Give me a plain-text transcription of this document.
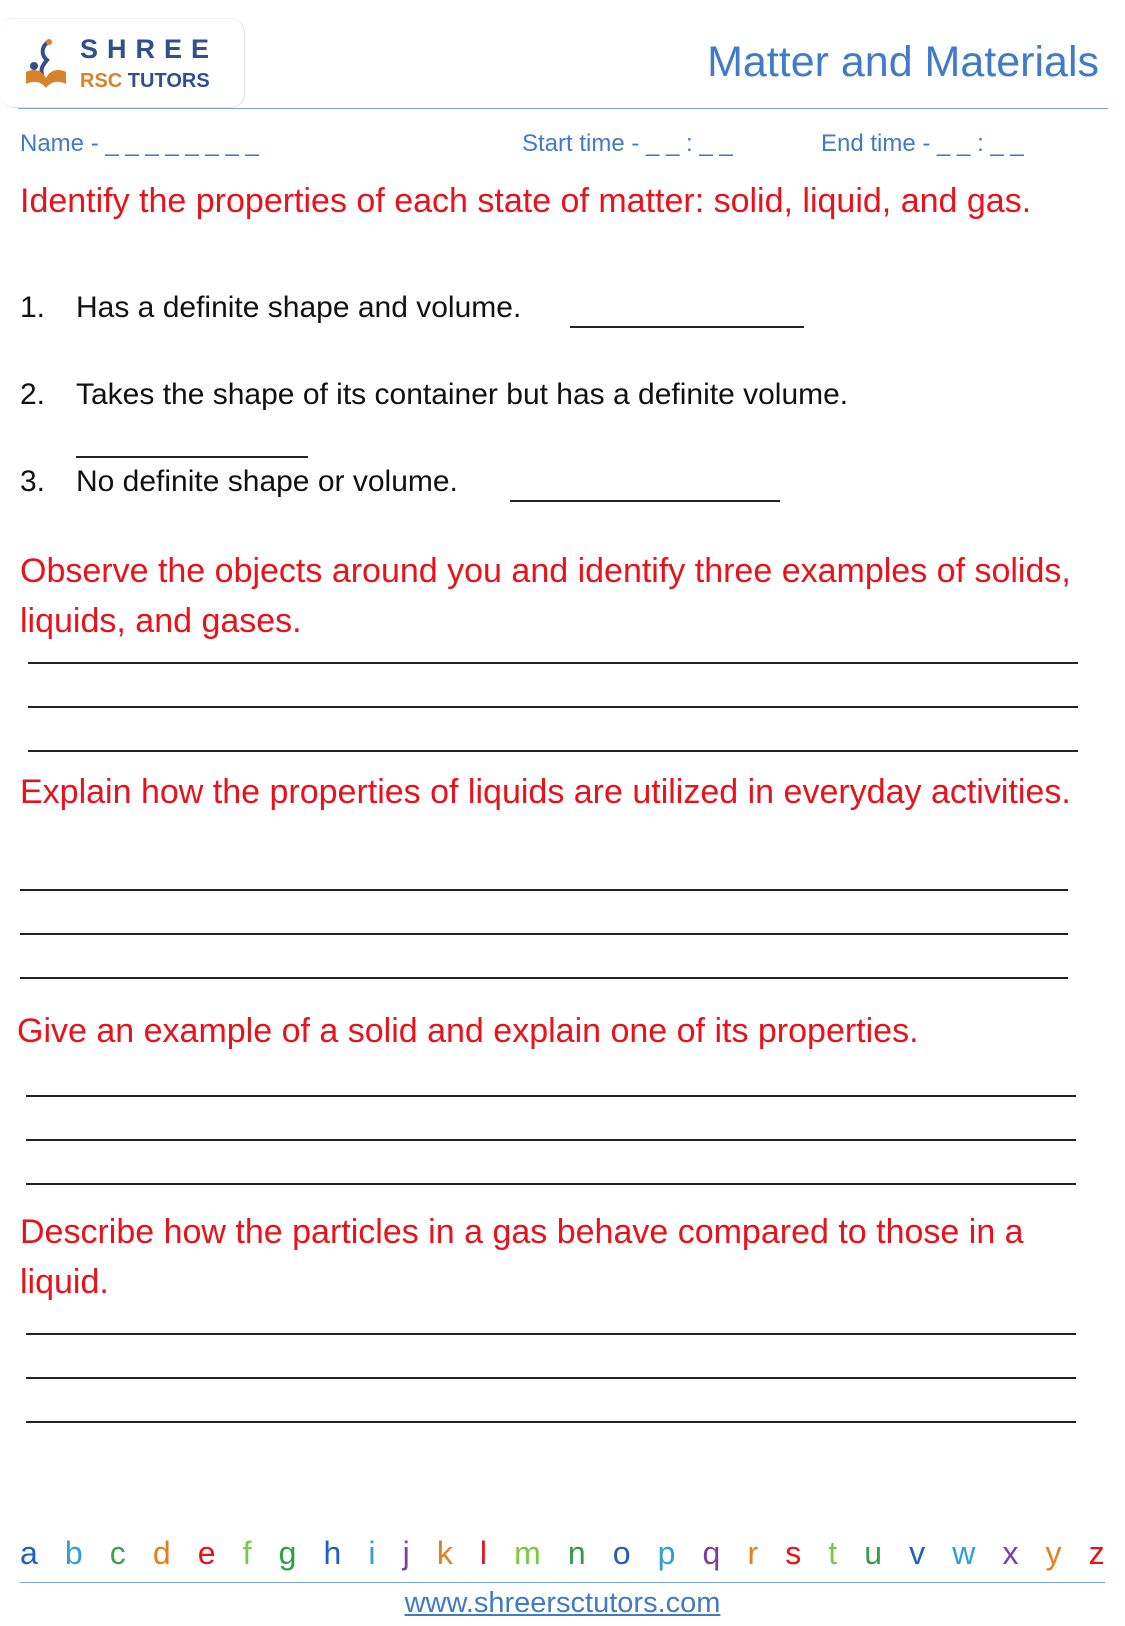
SHREE
RSC TUTORS	Matter and Materials
Name - _ _ _ _ _ _ _ _	Start time - _ _ : _ _	End time - _ _ : _ _
Identify the properties of each state of matter: solid, liquid, and gas.
1. Has a definite shape and volume.
2. Takes the shape of its container but has a definite volume.
3. No definite shape or volume.
Observe the objects around you and identify three examples of solids, liquids, and gases.
Explain how the properties of liquids are utilized in everyday activities.
Give an example of a solid and explain one of its properties.
Describe how the particles in a gas behave compared to those in a liquid.
a b c d e f g h i j k l m n o p q r s t u v w x y z
www.shreersctutors.com
